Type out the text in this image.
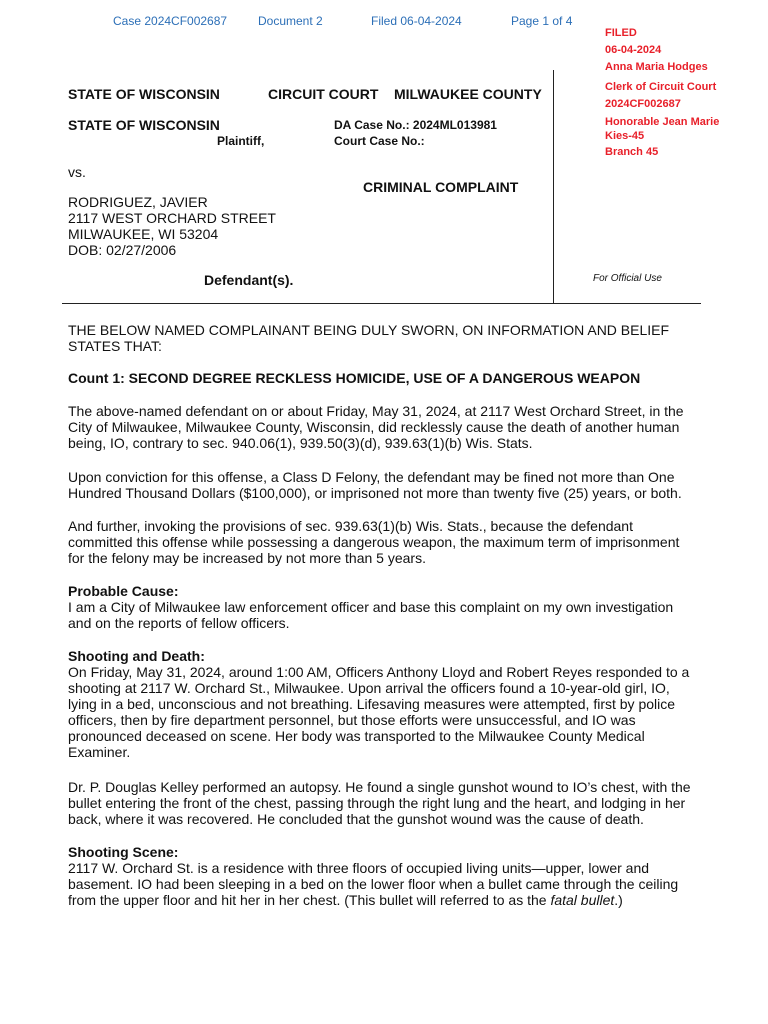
Case 2024CF002687	Document 2	Filed 06-04-2024	Page 1 of 4
FILED
06-04-2024
Anna Maria Hodges
Clerk of Circuit Court
2024CF002687
Honorable Jean Marie
Kies-45
Branch 45
STATE OF WISCONSIN	CIRCUIT COURT MILWAUKEE COUNTY
STATE OF WISCONSIN
Plaintiff,
DA Case No.: 2024ML013981
Court Case No.:
vs.
CRIMINAL COMPLAINT
RODRIGUEZ, JAVIER
2117 WEST ORCHARD STREET
MILWAUKEE, WI 53204
DOB: 02/27/2006
Defendant(s).	For Official Use

THE BELOW NAMED COMPLAINANT BEING DULY SWORN, ON INFORMATION AND BELIEF STATES THAT:

Count 1: SECOND DEGREE RECKLESS HOMICIDE, USE OF A DANGEROUS WEAPON

The above-named defendant on or about Friday, May 31, 2024, at 2117 West Orchard Street, in the City of Milwaukee, Milwaukee County, Wisconsin, did recklessly cause the death of another human being, IO, contrary to sec. 940.06(1), 939.50(3)(d), 939.63(1)(b) Wis. Stats.

Upon conviction for this offense, a Class D Felony, the defendant may be fined not more than One Hundred Thousand Dollars ($100,000), or imprisoned not more than twenty five (25) years, or both.

And further, invoking the provisions of sec. 939.63(1)(b) Wis. Stats., because the defendant committed this offense while possessing a dangerous weapon, the maximum term of imprisonment for the felony may be increased by not more than 5 years.

Probable Cause:

I am a City of Milwaukee law enforcement officer and base this complaint on my own investigation and on the reports of fellow officers.

Shooting and Death:

On Friday, May 31, 2024, around 1:00 AM, Officers Anthony Lloyd and Robert Reyes responded to a shooting at 2117 W. Orchard St., Milwaukee. Upon arrival the officers found a 10-year-old girl, IO, lying in a bed, unconscious and not breathing. Lifesaving measures were attempted, first by police officers, then by fire department personnel, but those efforts were unsuccessful, and IO was pronounced deceased on scene. Her body was transported to the Milwaukee County Medical Examiner.

Dr. P. Douglas Kelley performed an autopsy. He found a single gunshot wound to IO’s chest, with the bullet entering the front of the chest, passing through the right lung and the heart, and lodging in her back, where it was recovered. He concluded that the gunshot wound was the cause of death.

Shooting Scene:

2117 W. Orchard St. is a residence with three floors of occupied living units—upper, lower and basement. IO had been sleeping in a bed on the lower floor when a bullet came through the ceiling from the upper floor and hit her in her chest. (This bullet will referred to as the fatal bullet.)
